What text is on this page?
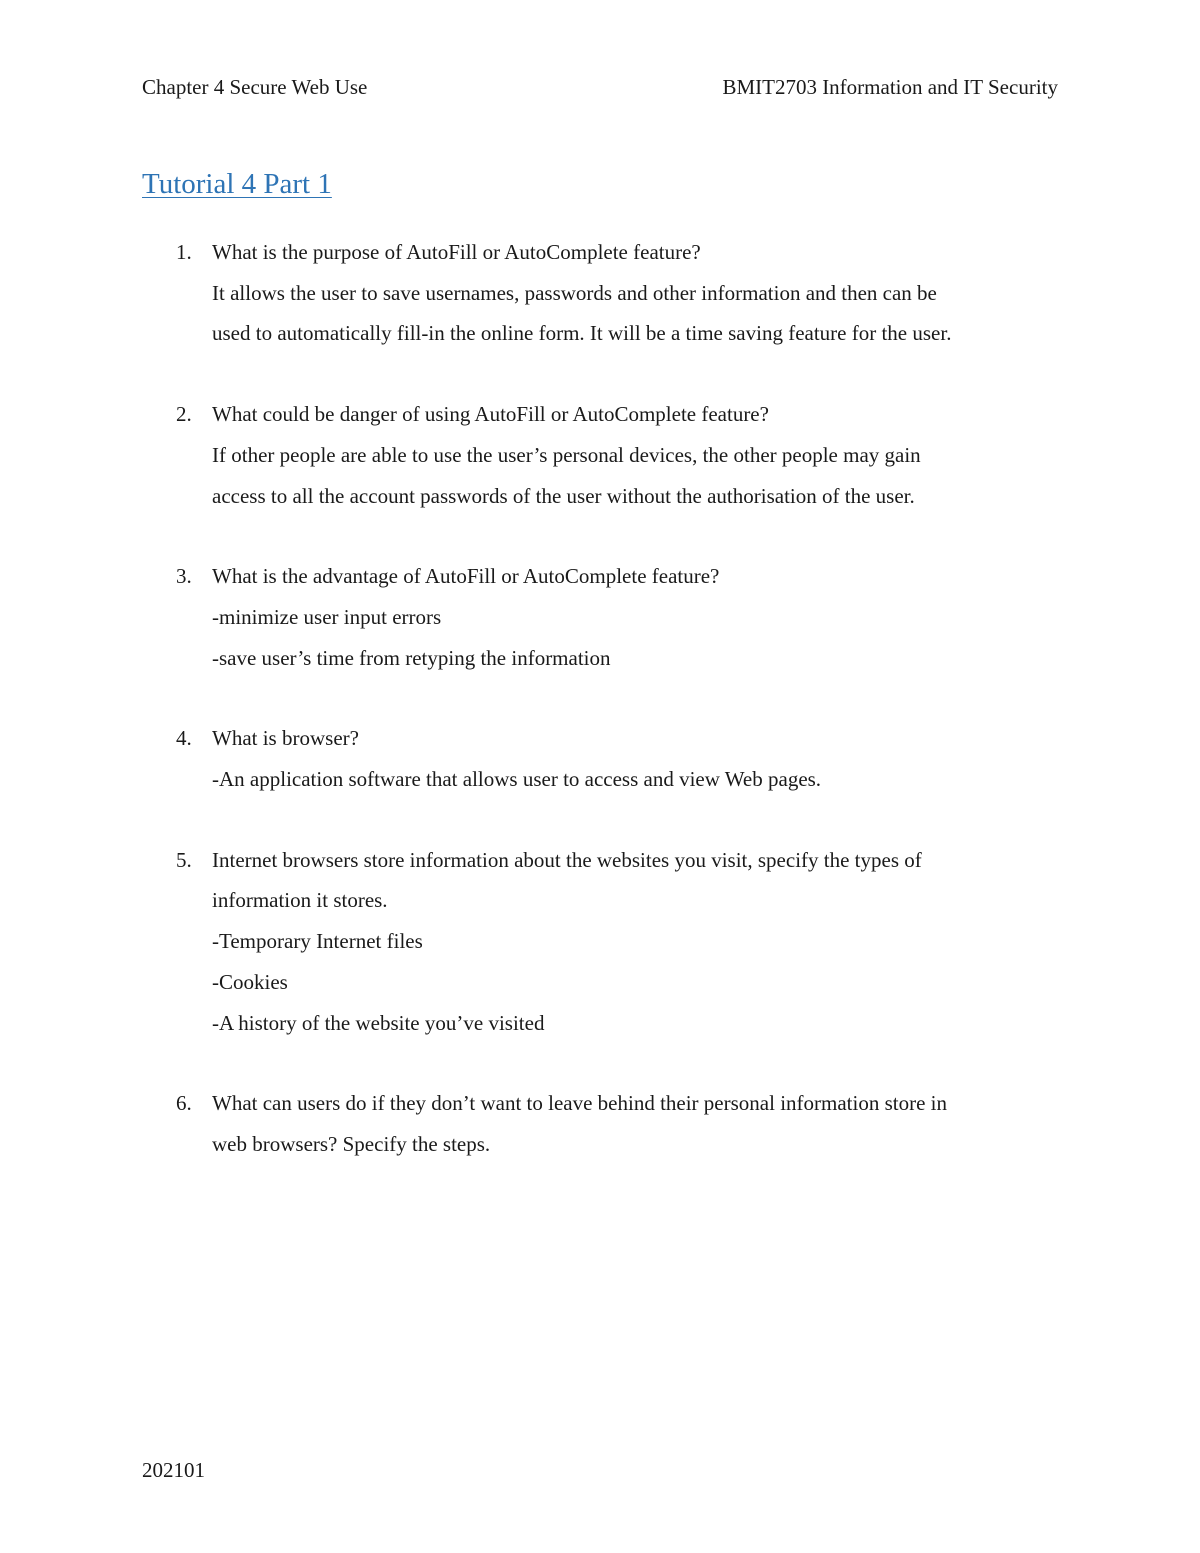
Chapter 4 Secure Web Use	BMIT2703 Information and IT Security
Tutorial 4 Part 1
1. What is the purpose of AutoFill or AutoComplete feature?
It allows the user to save usernames, passwords and other information and then can be
used to automatically fill-in the online form. It will be a time saving feature for the user.
2. What could be danger of using AutoFill or AutoComplete feature?
If other people are able to use the user’s personal devices, the other people may gain
access to all the account passwords of the user without the authorisation of the user.
3. What is the advantage of AutoFill or AutoComplete feature?
-minimize user input errors
-save user’s time from retyping the information
4. What is browser?
-An application software that allows user to access and view Web pages.
5. Internet browsers store information about the websites you visit, specify the types of
information it stores.
-Temporary Internet files
-Cookies
-A history of the website you’ve visited
6. What can users do if they don’t want to leave behind their personal information store in
web browsers? Specify the steps.
202101
